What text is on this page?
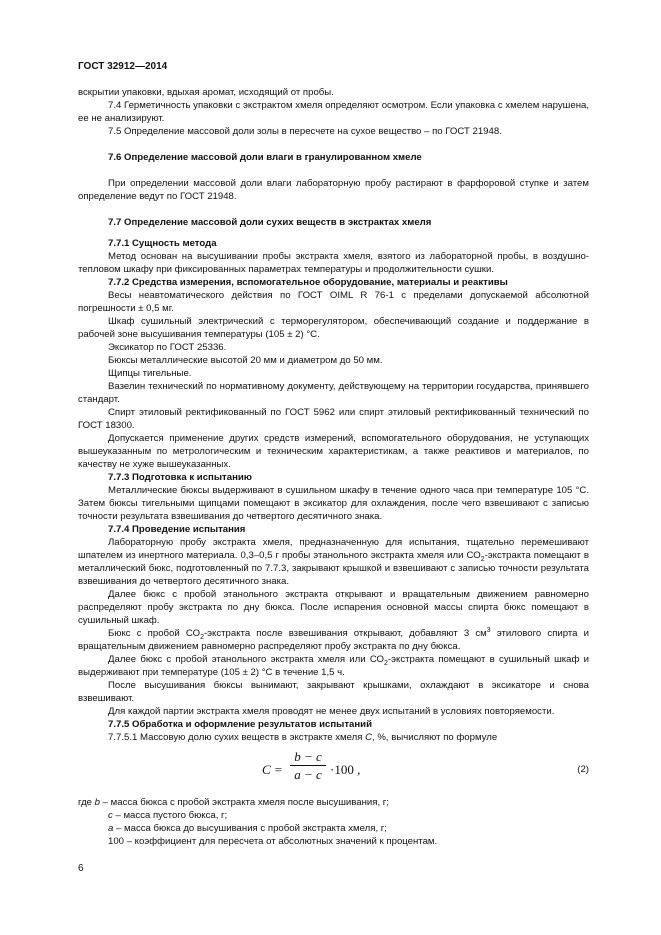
ГОСТ 32912—2014

вскрытии упаковки, вдыхая аромат, исходящий от пробы.

7.4 Герметичность упаковки с экстрактом хмеля определяют осмотром. Если упаковка с хмелем нарушена, ее не анализируют.

7.5 Определение массовой доли золы в пересчете на сухое вещество – по ГОСТ 21948.

7.6 Определение массовой доли влаги в гранулированном хмеле

При определении массовой доли влаги лабораторную пробу растирают в фарфоровой ступке и затем определение ведут по ГОСТ 21948.

7.7 Определение массовой доли сухих веществ в экстрактах хмеля

7.7.1 Сущность метода

Метод основан на высушивании пробы экстракта хмеля, взятого из лабораторной пробы, в воздушно-тепловом шкафу при фиксированных параметрах температуры и продолжительности сушки.

7.7.2 Средства измерения, вспомогательное оборудование, материалы и реактивы

Весы неавтоматического действия по ГОСТ OIML R 76-1 с пределами допускаемой абсолютной погрешности ± 0,5 мг.

Шкаф сушильный электрический с терморегулятором, обеспечивающий создание и поддержание в рабочей зоне высушивания температуры (105 ± 2) °С.

Эксикатор по ГОСТ 25336.

Бюксы металлические высотой 20 мм и диаметром до 50 мм.

Щипцы тигельные.

Вазелин технический по нормативному документу, действующему на территории государства, принявшего стандарт.

Спирт этиловый ректификованный по ГОСТ 5962 или спирт этиловый ректификованный технический по ГОСТ 18300.

Допускается применение других средств измерений, вспомогательного оборудования, не уступающих вышеуказанным по метрологическим и техническим характеристикам, а также реактивов и материалов, по качеству не хуже вышеуказанных.

7.7.3 Подготовка к испытанию

Металлические бюксы выдерживают в сушильном шкафу в течение одного часа при температуре 105 °С. Затем бюксы тигельными щипцами помещают в эксикатор для охлаждения, после чего взвешивают с записью точности результата взвешивания до четвертого десятичного знака.

7.7.4 Проведение испытания

Лабораторную пробу экстракта хмеля, предназначенную для испытания, тщательно перемешивают шпателем из инертного материала. 0,3–0,5 г пробы этанольного экстракта хмеля или $СО_2$-экстракта помещают в металлический бюкс, подготовленный по 7.7.3, закрывают крышкой и взвешивают с записью точности результата взвешивания до четвертого десятичного знака.

Далее бюкс с пробой этанольного экстракта открывают и вращательным движением равномерно распределяют пробу экстракта по дну бюкса. После испарения основной массы спирта бюкс помещают в сушильный шкаф.

Бюкс с пробой $СО_2$-экстракта после взвешивания открывают, добавляют 3 $см^3$ этилового спирта и вращательным движением равномерно распределяют пробу экстракта по дну бюкса.

Далее бюкс с пробой этанольного экстракта хмеля или $СО_2$-экстракта помещают в сушильный шкаф и выдерживают при температуре (105 ± 2) °С в течение 1,5 ч.

После высушивания бюксы вынимают, закрывают крышками, охлаждают в эксикаторе и снова взвешивают.

Для каждой партии экстракта хмеля проводят не менее двух испытаний в условиях повторяемости.

7.7.5 Обработка и оформление результатов испытаний

7.7.5.1 Массовую долю сухих веществ в экстракте хмеля С, %, вычисляют по формуле

$С = \frac{b - c}{a - c} \cdot 100$ ,	(2)

где b – масса бюкса с пробой экстракта хмеля после высушивания, г;

с – масса пустого бюкса, г;

а – масса бюкса до высушивания с пробой экстракта хмеля, г;

100 – коэффициент для пересчета от абсолютных значений к процентам.

6
